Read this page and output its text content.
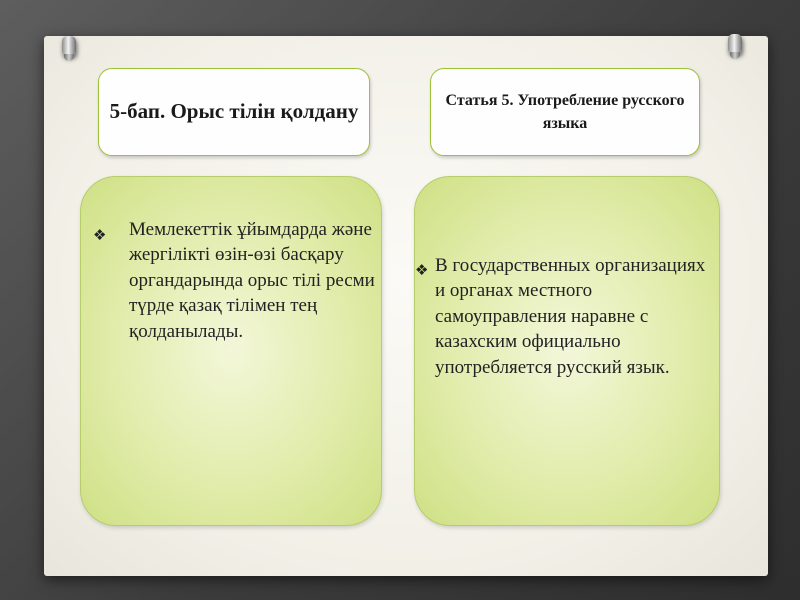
5-бап. Орыс тілін қолдану	Статья 5. Употребление русского языка
❖ Мемлекеттік ұйымдарда және жергілікті өзін-өзі басқару органдарында орыс тілі ресми түрде қазақ тілімен тең қолданылады.
❖ В государственных организациях и органах местного самоуправления наравне с казахским официально употребляется русский язык.
